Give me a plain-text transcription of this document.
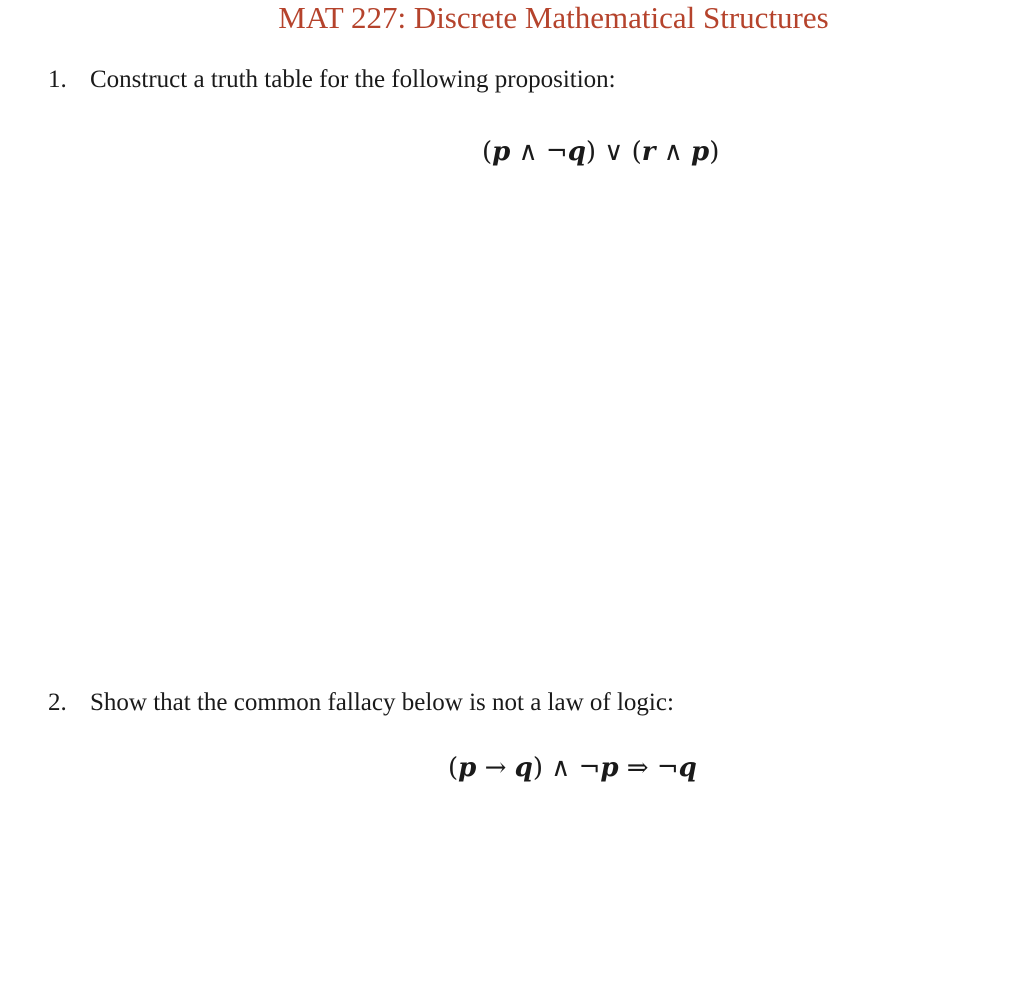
MAT 227: Discrete Mathematical Structures
1. Construct a truth table for the following proposition:
(p ∧ ¬q) ∨ (r ∧ p)
2. Show that the common fallacy below is not a law of logic:
(p → q) ∧ ¬p ⇒ ¬q
